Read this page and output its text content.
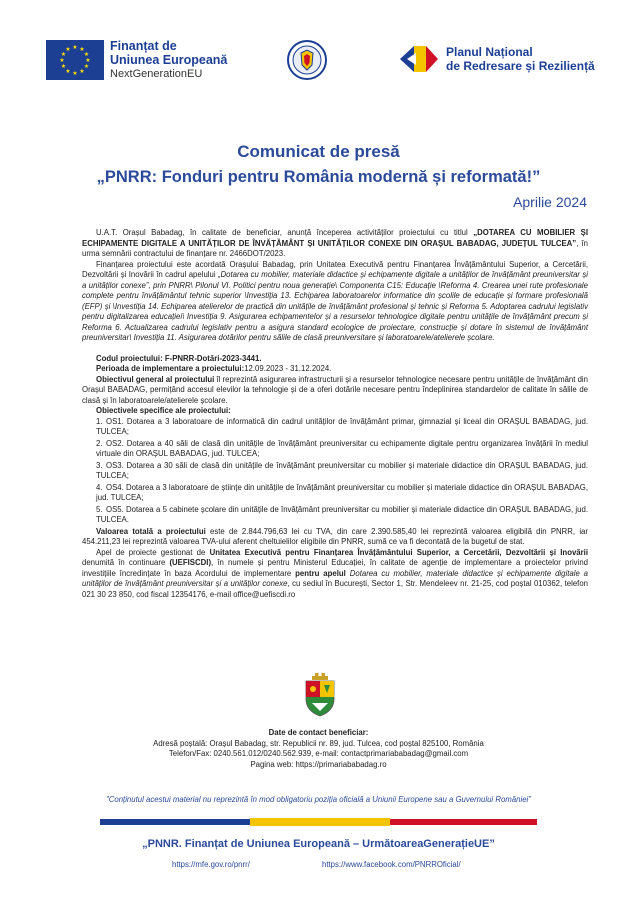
★ ★
★
★
★
★
★
★
★
★
★
★	Finanțat de
Uniunea Europeană
NextGenerationEU
Planul Național
de Redresare și Reziliență
Comunicat de presă
„PNRR: Fonduri pentru România modernă și reformată!”
Aprilie 2024

U.A.T. Orașul Babadag, în calitate de beneficiar, anunță începerea activităților proiectului cu titlul „DOTAREA CU MOBILIER ȘI ECHIPAMENTE DIGITALE A UNITĂȚILOR DE ÎNVĂȚĂMÂNT ȘI UNITĂȚILOR CONEXE DIN ORAȘUL BABADAG, JUDEȚUL TULCEA”, în urma semnării contractului de finanțare nr. 2466DOT/2023.

Finanțarea proiectului este acordată Orașului Babadag, prin Unitatea Executivă pentru Finanțarea Învățământului Superior, a Cercetării, Dezvoltării și Inovării în cadrul apelului „Dotarea cu mobilier, materiale didactice și echipamente digitale a unităților de învățământ preuniversitar și a unităților conexe”, prin PNRR\ Pilonul VI. Politici pentru noua generație\ Componenta C15: Educație \Reforma 4. Crearea unei rute profesionale complete pentru învățământul tehnic superior \Investiția 13. Echiparea laboratoarelor informatice din școlile de educație și formare profesională (EFP) și \Investiția 14. Echiparea atelierelor de practică din unitățile de învățământ profesional și tehnic și Reforma 5. Adoptarea cadrului legislativ pentru digitalizarea educației\ Investiția 9. Asigurarea echipamentelor și a resurselor tehnologice digitale pentru unitățile de învățământ precum și Reforma 6. Actualizarea cadrului legislativ pentru a asigura standard ecologice de proiectare, construcție și dotare în sistemul de învățământ preuniversitar\ Investiția 11. Asigurarea dotărilor pentru sălile de clasă preuniversitare și laboratoarele/atelierele școlare.

Codul proiectului: F-PNRR-Dotări-2023-3441.

Perioada de implementare a proiectului:12.09.2023 - 31.12.2024.

Obiectivul general al proiectului îl reprezintă asigurarea infrastructurii și a resurselor tehnologice necesare pentru unitățile de învățământ din Orașul BABADAG, permițând accesul elevilor la tehnologie și de a oferi dotările necesare pentru îndeplinirea standardelor de calitate în sălile de clasă și în laboratoarele/atelierele școlare.

Obiectivele specifice ale proiectului:

1. OS1. Dotarea a 3 laboratoare de informatică din cadrul unităților de învățământ primar, gimnazial și liceal din ORAȘUL BABADAG, jud. TULCEA;
2. OS2. Dotarea a 40 săli de clasă din unitățile de învățământ preuniversitar cu echipamente digitale pentru organizarea învățării în mediul virtuale din ORAȘUL BABADAG, jud. TULCEA;
3. OS3. Dotarea a 30 săli de clasă din unitățile de învățământ preuniversitar cu mobilier și materiale didactice din ORAȘUL BABADAG, jud. TULCEA;
4. OS4. Dotarea a 3 laboratoare de științe din unitățile de învățământ preuniversitar cu mobilier și materiale didactice din ORAȘUL BABADAG, jud. TULCEA;
5. OS5. Dotarea a 5 cabinete școlare din unitățile de învățământ preuniversitar cu mobilier și materiale didactice din ORAȘUL BABADAG, jud. TULCEA.

Valoarea totală a proiectului este de 2.844.796,63 lei cu TVA, din care 2.390.585,40 lei reprezintă valoarea eligibilă din PNRR, iar 454.211,23 lei reprezintă valoarea TVA-ului aferent cheltuielilor eligibile din PNRR, sumă ce va fi decontată de la bugetul de stat.

Apel de proiecte gestionat de Unitatea Executivă pentru Finanțarea Învățământului Superior, a Cercetării, Dezvoltării și Inovării denumită în continuare (UEFISCDI), în numele și pentru Ministerul Educației, în calitate de agenție de implementare a proiectelor privind investițiile încredințate în baza Acordului de implementare pentru apelul Dotarea cu mobilier, materiale didactice și echipamente digitale a unităților de învățământ preuniversitar și a unităților conexe, cu sediul în București, Sector 1, Str. Mendeleev nr. 21-25, cod poștal 010362, telefon 021 30 23 850, cod fiscal 12354176, e-mail office@uefiscdi.ro

Date de contact beneficiar:
Adresă poștală: Orașul Babadag, str. Republicii nr. 89, jud. Tulcea, cod poștal 825100, România
Telefon/Fax: 0240.561.012/0240.562.939, e-mail: contactprimariababadag@gmail.com
Pagina web: https://primariababadag.ro
”Conținutul acestui material nu reprezintă în mod obligatoriu poziția oficială a Uniunii Europene sau a Guvernului României”
„PNNR. Finanțat de Uniunea Europeană – UrmătoareaGenerațieUE”
https://mfe.gov.ro/pnrr/	https://www.facebook.com/PNRROficial/
